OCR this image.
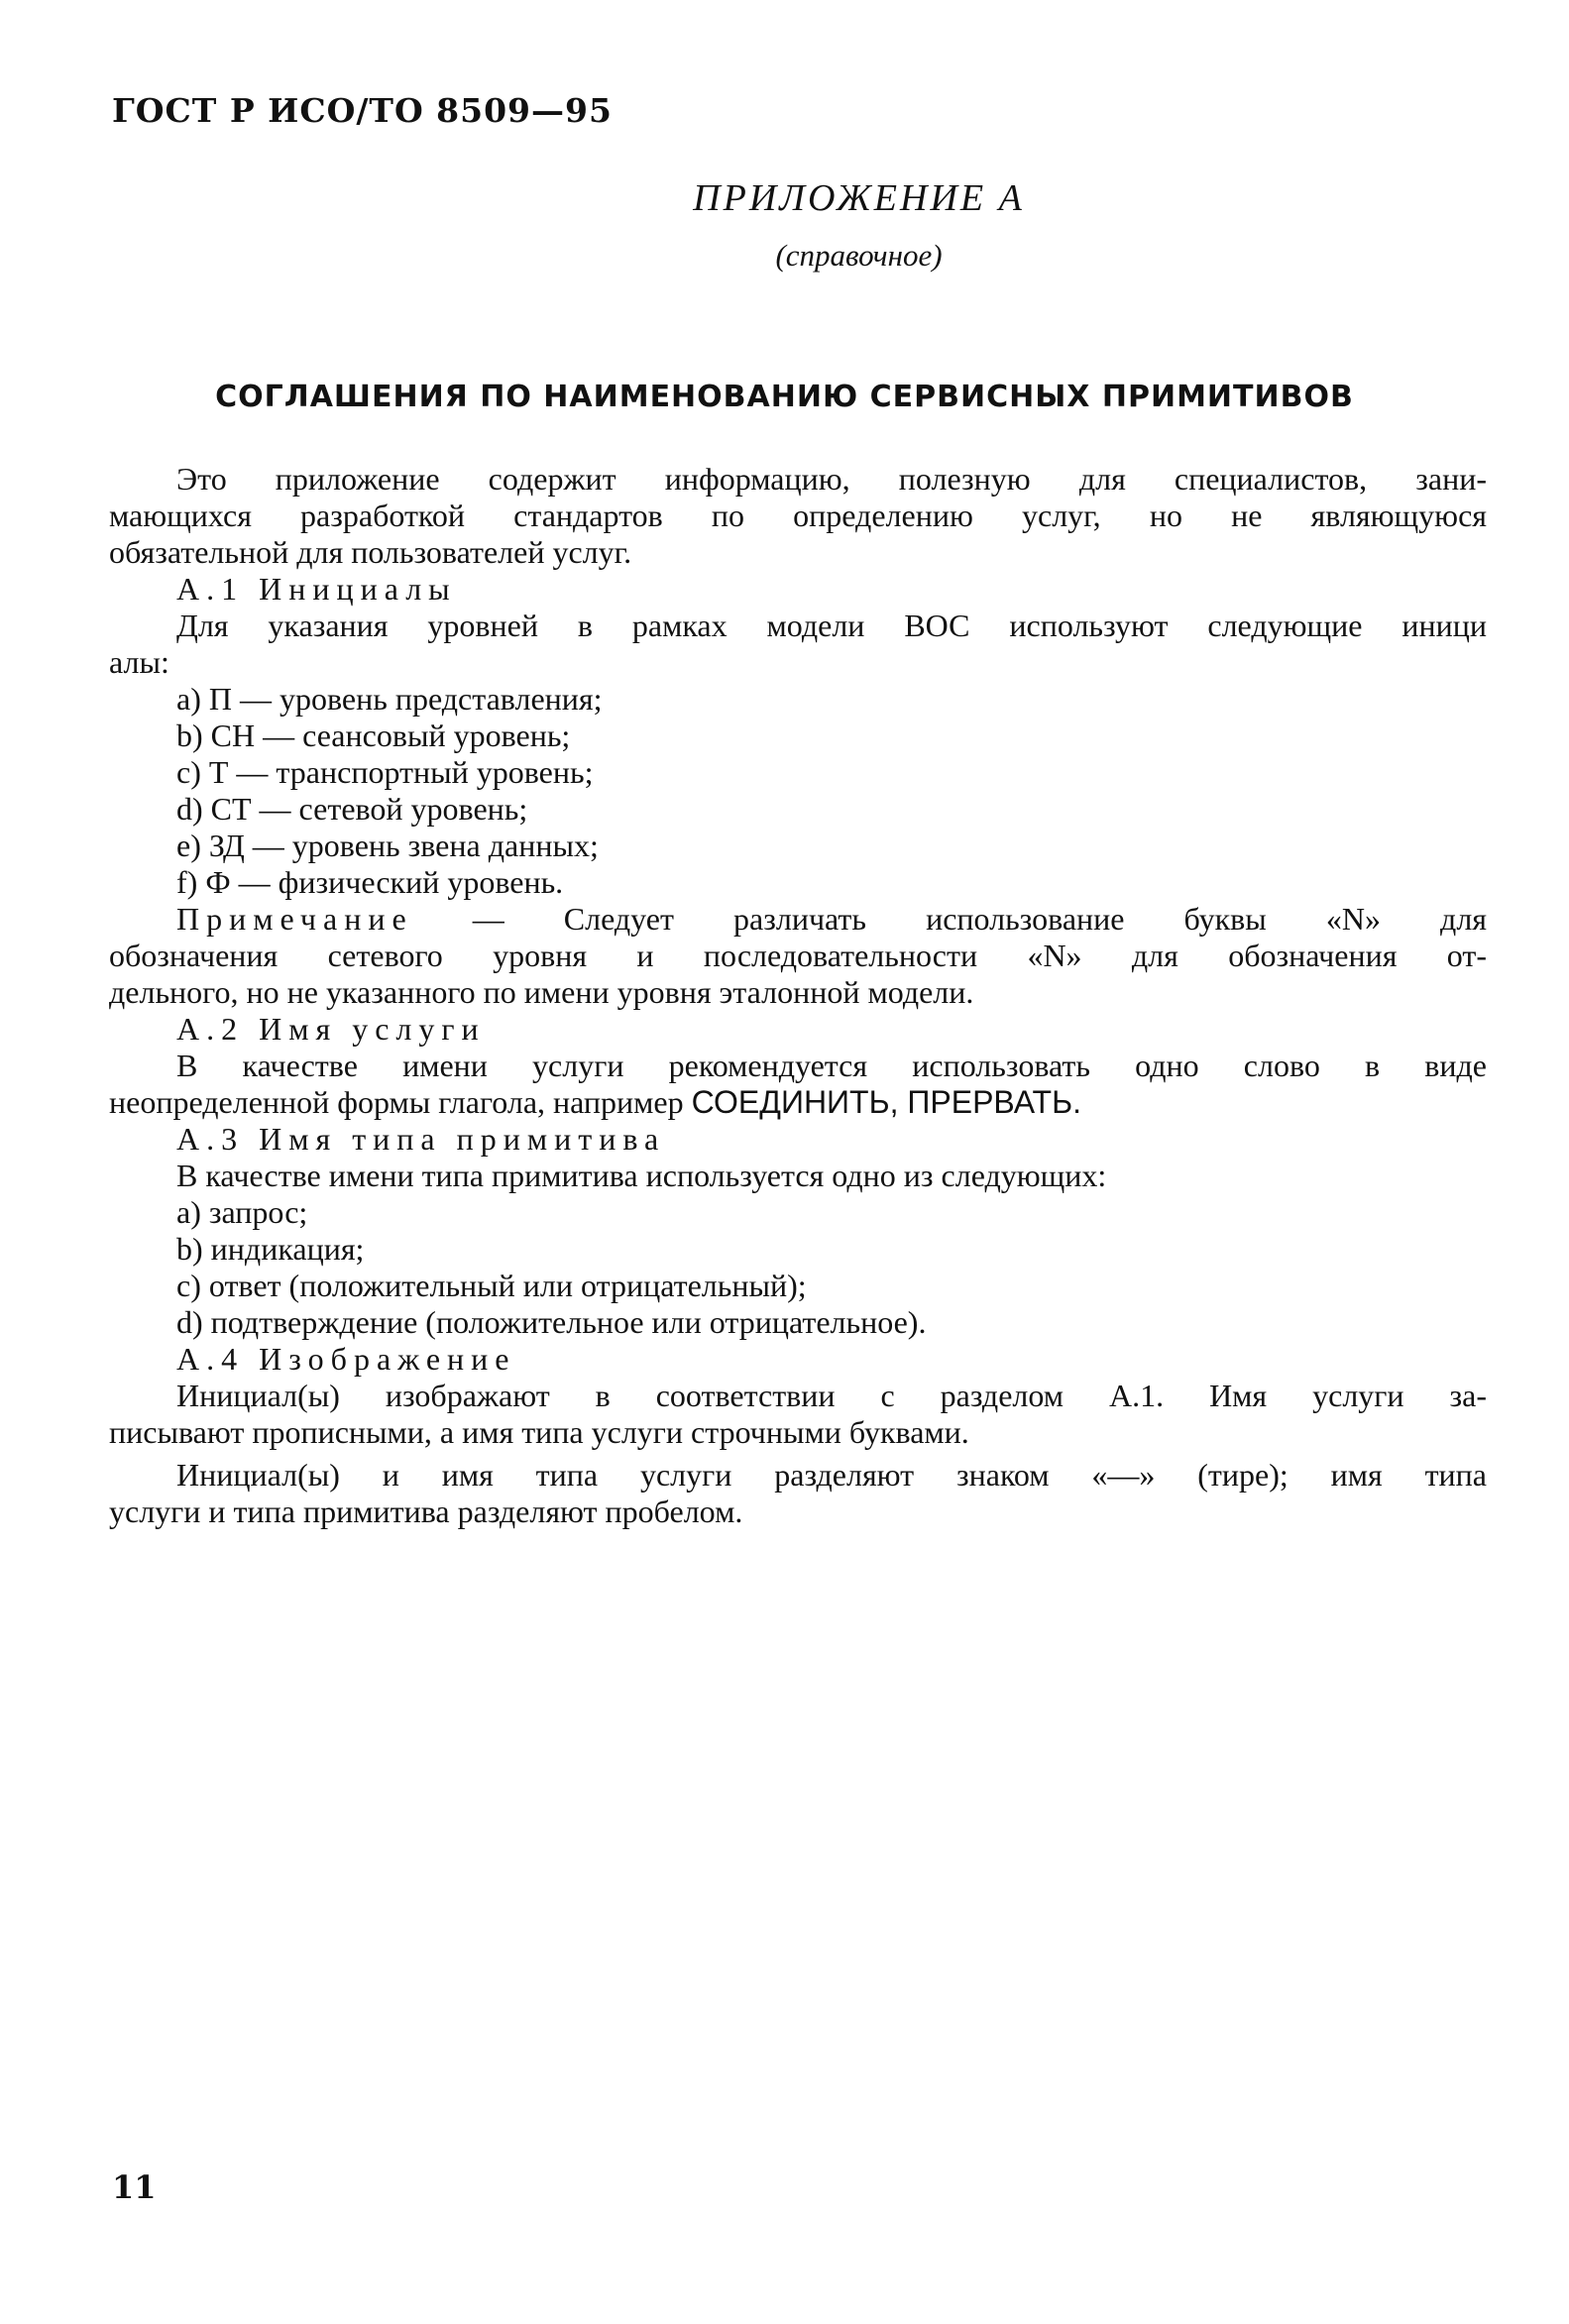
ГОСТ Р ИСО/ТО 8509—95
ПРИЛОЖЕНИЕ А
(справочное)
СОГЛАШЕНИЯ ПО НАИМЕНОВАНИЮ СЕРВИСНЫХ ПРИМИТИВОВ
Это приложение содержит информацию, полезную для специалистов, зани-
мающихся разработкой стандартов по определению услуг, но не являющуюся
обязательной для пользователей услуг.
А.1 Инициалы
Для указания уровней в рамках модели ВОС используют следующие иници
алы:
a) П — уровень представления;
b) СН — сеансовый уровень;
c) Т — транспортный уровень;
d) СТ — сетевой уровень;
e) ЗД — уровень звена данных;
f) Ф — физический уровень.
Примечание — Следует различать использование буквы «N» для
обозначения сетевого уровня и последовательности «N» для обозначения от-
дельного, но не указанного по имени уровня эталонной модели.
А.2 Имя услуги
В качестве имени услуги рекомендуется использовать одно слово в виде
неопределенной формы глагола, например СОЕДИНИТЬ, ПРЕРВАТЬ.
А.3 Имя типа примитива
В качестве имени типа примитива используется одно из следующих:
a) запрос;
b) индикация;
c) ответ (положительный или отрицательный);
d) подтверждение (положительное или отрицательное).
А.4 Изображение
Инициал(ы) изображают в соответствии с разделом А.1. Имя услуги за-
писывают прописными, а имя типа услуги строчными буквами.
Инициал(ы) и имя типа услуги разделяют знаком «—» (тире); имя типа
услуги и типа примитива разделяют пробелом.
11
